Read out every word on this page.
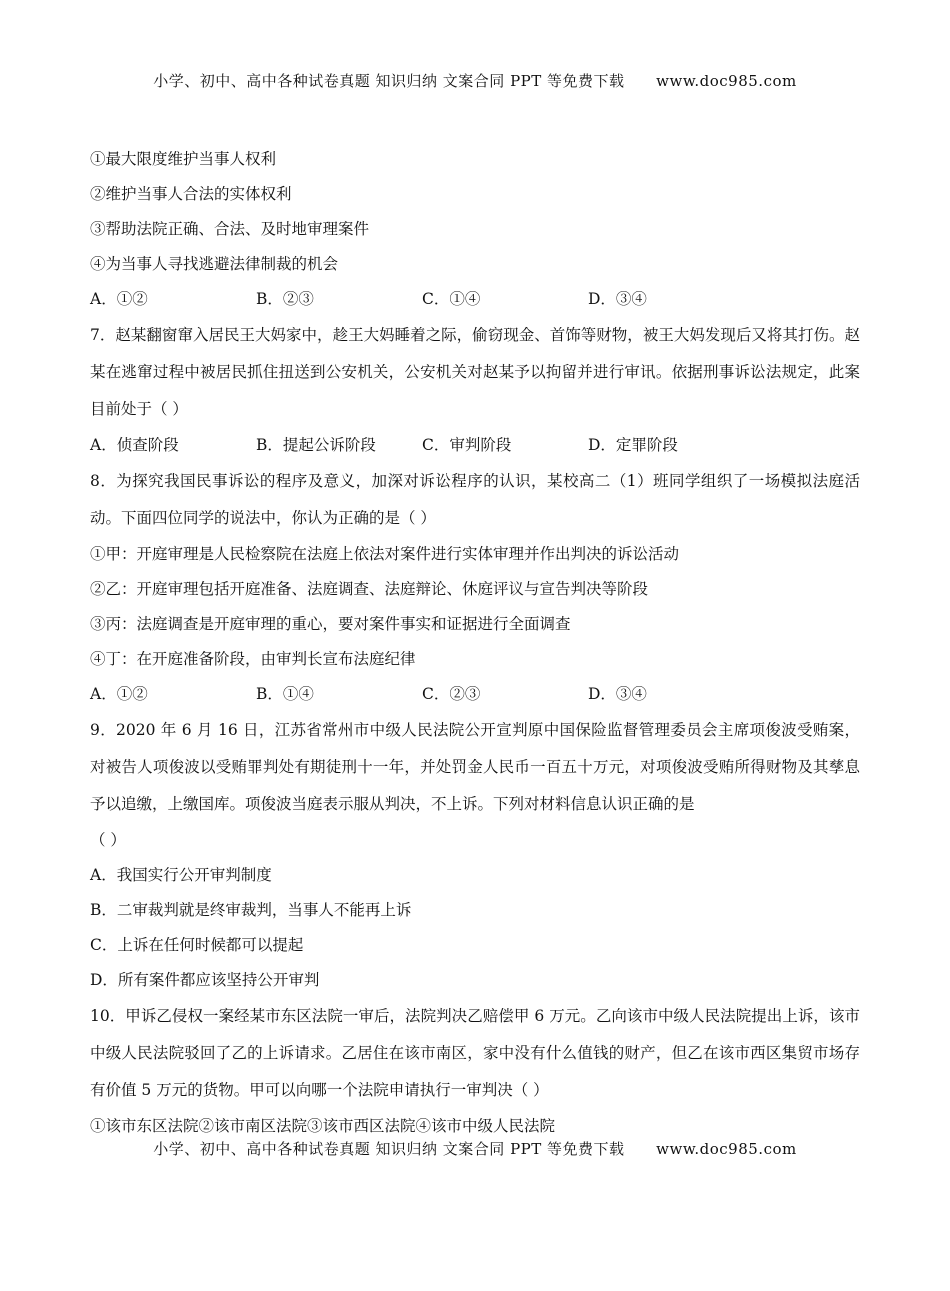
小学、初中、高中各种试卷真题 知识归纳 文案合同 PPT 等免费下载      www.doc985.com
①最大限度维护当事人权利
②维护当事人合法的实体权利
③帮助法院正确、合法、及时地审理案件
④为当事人寻找逃避法律制裁的机会
A．①②	B．②③	C．①④	D．③④
7．赵某翻窗窜入居民王大妈家中，趁王大妈睡着之际，偷窃现金、首饰等财物，被王大妈发现后又将其打伤。赵某在逃窜过程中被居民抓住扭送到公安机关，公安机关对赵某予以拘留并进行审讯。依据刑事诉讼法规定，此案目前处于（ ）
A．侦查阶段	B．提起公诉阶段	C．审判阶段	D．定罪阶段
8．为探究我国民事诉讼的程序及意义，加深对诉讼程序的认识，某校高二（1）班同学组织了一场模拟法庭活动。下面四位同学的说法中，你认为正确的是（ ）
①甲：开庭审理是人民检察院在法庭上依法对案件进行实体审理并作出判决的诉讼活动
②乙：开庭审理包括开庭准备、法庭调查、法庭辩论、休庭评议与宣告判决等阶段
③丙：法庭调查是开庭审理的重心，要对案件事实和证据进行全面调查
④丁：在开庭准备阶段，由审判长宣布法庭纪律
A．①②	B．①④	C．②③	D．③④
9．2020 年 6 月 16 日，江苏省常州市中级人民法院公开宣判原中国保险监督管理委员会主席项俊波受贿案，对被告人项俊波以受贿罪判处有期徒刑十一年，并处罚金人民币一百五十万元，对项俊波受贿所得财物及其孳息予以追缴，上缴国库。项俊波当庭表示服从判决，不上诉。下列对材料信息认识正确的是
（ ）
A．我国实行公开审判制度
B．二审裁判就是终审裁判，当事人不能再上诉
C．上诉在任何时候都可以提起
D．所有案件都应该坚持公开审判
10．甲诉乙侵权一案经某市东区法院一审后，法院判决乙赔偿甲 6 万元。乙向该市中级人民法院提出上诉，该市中级人民法院驳回了乙的上诉请求。乙居住在该市南区，家中没有什么值钱的财产，但乙在该市西区集贸市场存有价值 5 万元的货物。甲可以向哪一个法院申请执行一审判决（ ）
①该市东区法院②该市南区法院③该市西区法院④该市中级人民法院
小学、初中、高中各种试卷真题 知识归纳 文案合同 PPT 等免费下载      www.doc985.com
